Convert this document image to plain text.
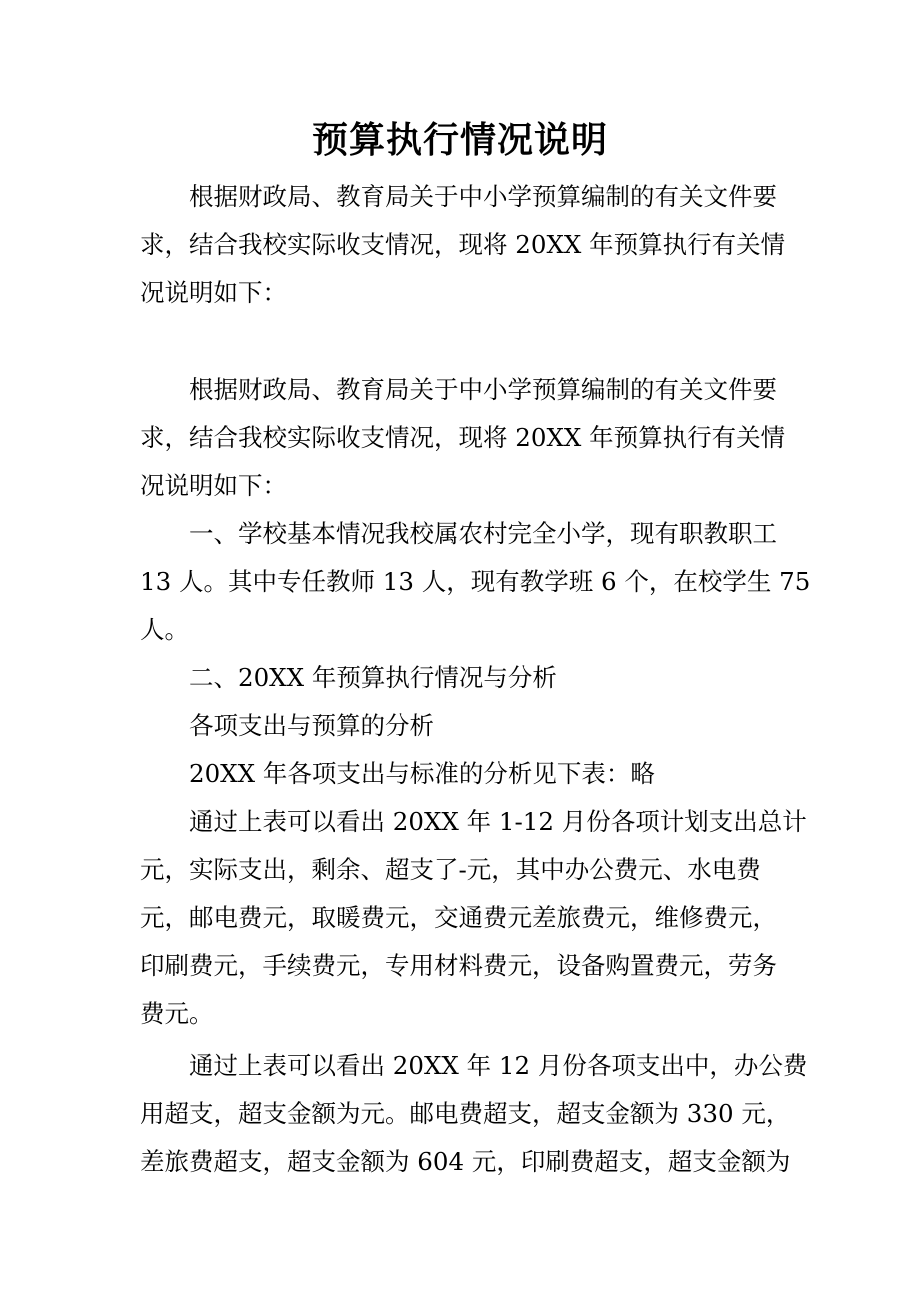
预算执行情况说明
根据财政局、教育局关于中小学预算编制的有关文件要
求，结合我校实际收支情况，现将 20XX 年预算执行有关情
况说明如下：
根据财政局、教育局关于中小学预算编制的有关文件要
求，结合我校实际收支情况，现将 20XX 年预算执行有关情
况说明如下：
一、学校基本情况我校属农村完全小学，现有职教职工
13 人。其中专任教师 13 人，现有教学班 6 个，在校学生 75
人。
二、20XX 年预算执行情况与分析
各项支出与预算的分析
20XX 年各项支出与标准的分析见下表：略
通过上表可以看出 20XX 年 1-12 月份各项计划支出总计
元，实际支出，剩余、超支了-元，其中办公费元、水电费
元，邮电费元，取暖费元，交通费元差旅费元，维修费元，
印刷费元，手续费元，专用材料费元，设备购置费元，劳务
费元。
通过上表可以看出 20XX 年 12 月份各项支出中，办公费
用超支，超支金额为元。邮电费超支，超支金额为 330 元，
差旅费超支，超支金额为 604 元，印刷费超支，超支金额为
